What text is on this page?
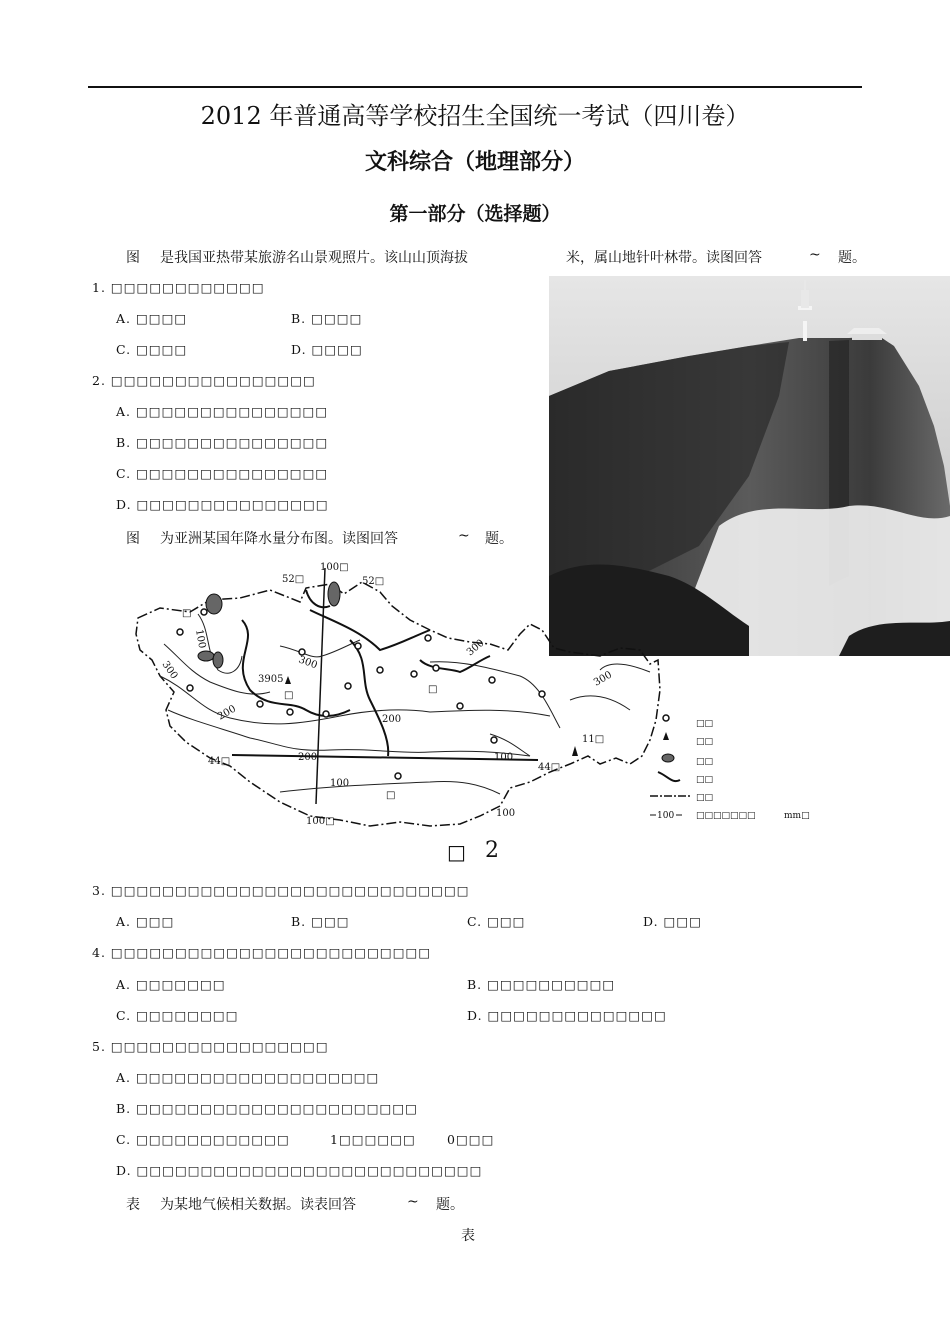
2012 年普通高等学校招生全国统一考试（四川卷）
文科综合（地理部分）
第一部分（选择题）
图 是我国亚热带某旅游名山景观照片。该山山顶海拔	米，属山地针叶林带。读图回答	~ 题。
1. □□□□□□□□□□□□
A. □□□□	B. □□□□
C. □□□□	D. □□□□
2. □□□□□□□□□□□□□□□□
A. □□□□□□□□□□□□□□□
B. □□□□□□□□□□□□□□□
C. □□□□□□□□□□□□□□□
D. □□□□□□□□□□□□□□□
图 为亚洲某国年降水量分布图。读图回答	~ 题。
100□
100□
52□	52□
44□
44□
11□
3905
300	300
300
300
200
200
200
100
100
100
100
□
□
□
□
□□
□□
□□
□□
□□
100 □□□□□□□	mm□
□ 2
3. □□□□□□□□□□□□□□□□□□□□□□□□□□□□
A. □□□	B. □□□	C. □□□	D. □□□
4. □□□□□□□□□□□□□□□□□□□□□□□□□
A. □□□□□□□	B. □□□□□□□□□□
C. □□□□□□□□	D. □□□□□□□□□□□□□□
5. □□□□□□□□□□□□□□□□□
A. □□□□□□□□□□□□□□□□□□□
B. □□□□□□□□□□□□□□□□□□□□□□
C. □□□□□□□□□□□□	1□□□□□□ 0□□□
D. □□□□□□□□□□□□□□□□□□□□□□□□□□□
表 为某地气候相关数据。读表回答	~ 题。
表
